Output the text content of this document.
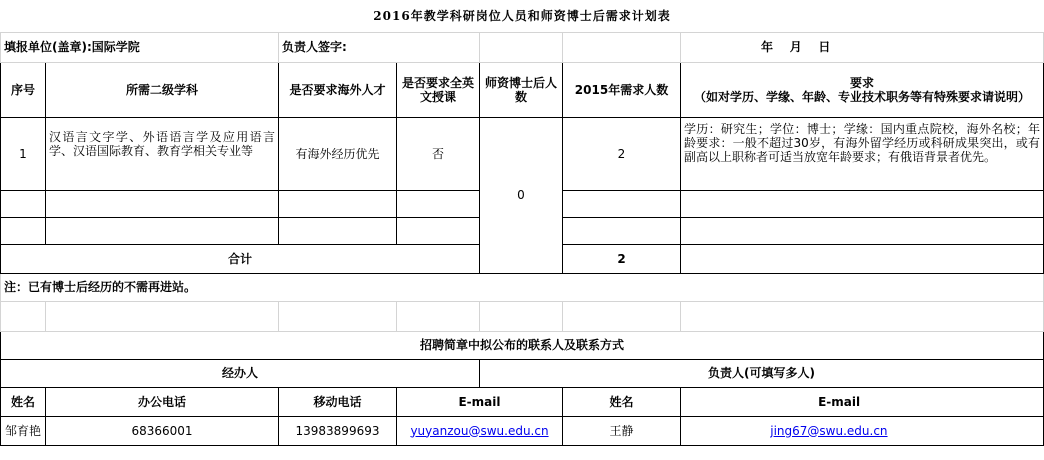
2016年教学科研岗位人员和师资博士后需求计划表						
填报单位(盖章):国际学院		负责人签字:				年    月    日
序号	所需二级学科	是否要求海外人才	是否要求全英文授课	师资博士后人数	2015年需求人数	要求
（如对学历、学缘、年龄、专业技术职务等有特殊要求请说明）

1	汉语言文字学、外语语言学及应用语言学、汉语国际教育、教育学相关专业等	有海外经历优先	否	0	2	学历：研究生；学位：博士；学缘：国内重点院校，海外名校；年龄要求：一般不超过30岁，有海外留学经历或科研成果突出，或有副高以上职称者可适当放宽年龄要求；有俄语背景者优先。

合计					2	
注：已有博士后经历的不需再进站。						

招聘简章中拟公布的联系人及联系方式						
经办人				负责人(可填写多人)		
姓名	办公电话	移动电话	E-mail		姓名	E-mail
邹育艳	68366001	13983899693	yuyanzou@swu.edu.cn		王静	jing67@swu.edu.cn
